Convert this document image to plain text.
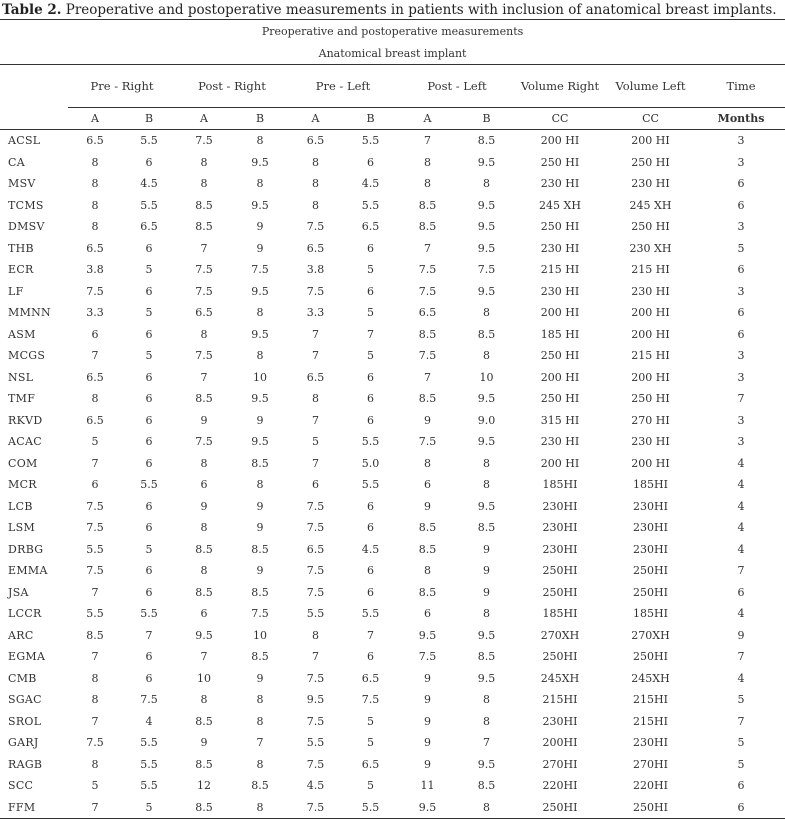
Table 2. Preoperative and postoperative measurements in patients with inclusion of anatomical breast implants.
Preoperative and postoperative measurements											
Anatomical breast implant											
	Pre - Right		Post - Right		Pre - Left		Post - Left		Volume Right	Volume Left	Time
	A	B	A	B	A	B	A	B	CC	CC	Months
ACSL	6.5	5.5	7.5	8	6.5	5.5	7	8.5	200 HI	200 HI	3
CA	8	6	8	9.5	8	6	8	9.5	250 HI	250 HI	3
MSV	8	4.5	8	8	8	4.5	8	8	230 HI	230 HI	6
TCMS	8	5.5	8.5	9.5	8	5.5	8.5	9.5	245 XH	245 XH	6
DMSV	8	6.5	8.5	9	7.5	6.5	8.5	9.5	250 HI	250 HI	3
THB	6.5	6	7	9	6.5	6	7	9.5	230 HI	230 XH	5
ECR	3.8	5	7.5	7.5	3.8	5	7.5	7.5	215 HI	215 HI	6
LF	7.5	6	7.5	9.5	7.5	6	7.5	9.5	230 HI	230 HI	3
MMNN	3.3	5	6.5	8	3.3	5	6.5	8	200 HI	200 HI	6
ASM	6	6	8	9.5	7	7	8.5	8.5	185 HI	200 HI	6
MCGS	7	5	7.5	8	7	5	7.5	8	250 HI	215 HI	3
NSL	6.5	6	7	10	6.5	6	7	10	200 HI	200 HI	3
TMF	8	6	8.5	9.5	8	6	8.5	9.5	250 HI	250 HI	7
RKVD	6.5	6	9	9	7	6	9	9.0	315 HI	270 HI	3
ACAC	5	6	7.5	9.5	5	5.5	7.5	9.5	230 HI	230 HI	3
COM	7	6	8	8.5	7	5.0	8	8	200 HI	200 HI	4
MCR	6	5.5	6	8	6	5.5	6	8	185HI	185HI	4
LCB	7.5	6	9	9	7.5	6	9	9.5	230HI	230HI	4
LSM	7.5	6	8	9	7.5	6	8.5	8.5	230HI	230HI	4
DRBG	5.5	5	8.5	8.5	6.5	4.5	8.5	9	230HI	230HI	4
EMMA	7.5	6	8	9	7.5	6	8	9	250HI	250HI	7
JSA	7	6	8.5	8.5	7.5	6	8.5	9	250HI	250HI	6
LCCR	5.5	5.5	6	7.5	5.5	5.5	6	8	185HI	185HI	4
ARC	8.5	7	9.5	10	8	7	9.5	9.5	270XH	270XH	9
EGMA	7	6	7	8.5	7	6	7.5	8.5	250HI	250HI	7
CMB	8	6	10	9	7.5	6.5	9	9.5	245XH	245XH	4
SGAC	8	7.5	8	8	9.5	7.5	9	8	215HI	215HI	5
SROL	7	4	8.5	8	7.5	5	9	8	230HI	215HI	7
GARJ	7.5	5.5	9	7	5.5	5	9	7	200HI	230HI	5
RAGB	8	5.5	8.5	8	7.5	6.5	9	9.5	270HI	270HI	5
SCC	5	5.5	12	8.5	4.5	5	11	8.5	220HI	220HI	6
FFM	7	5	8.5	8	7.5	5.5	9.5	8	250HI	250HI	6
